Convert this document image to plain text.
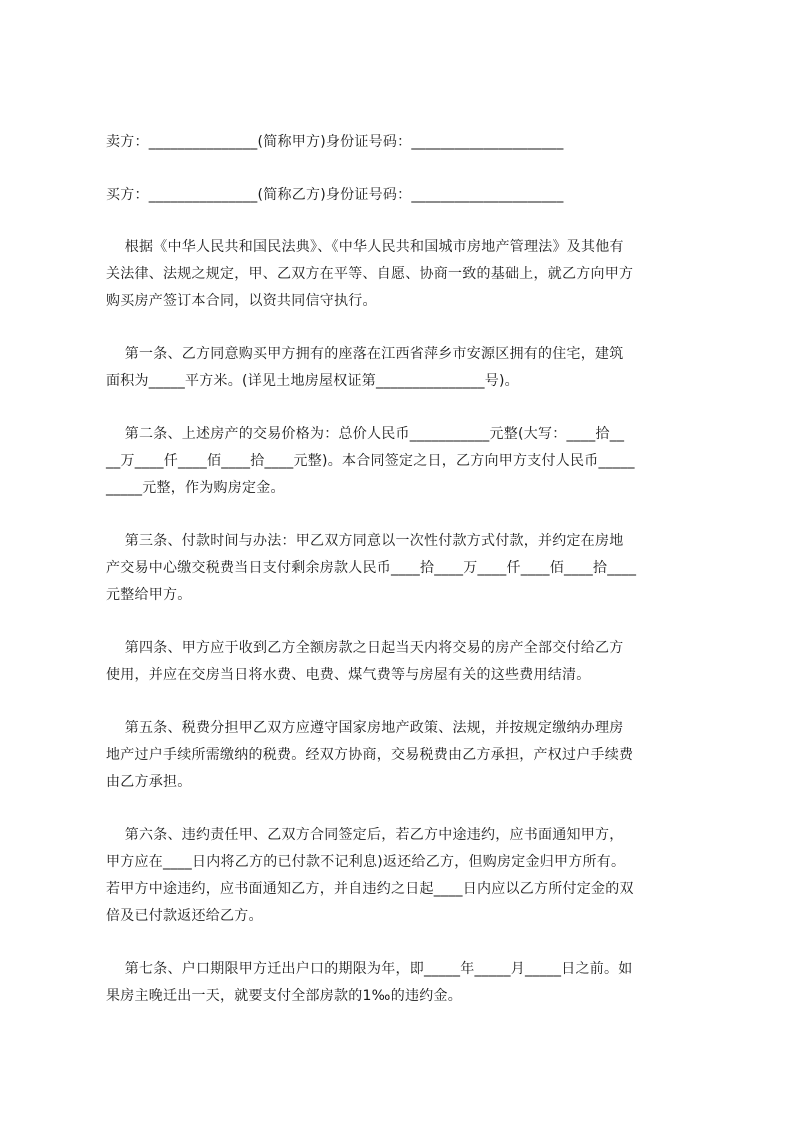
卖方：_______________(简称甲方)身份证号码：_____________________
买方：_______________(简称乙方)身份证号码：_____________________
根据《中华人民共和国民法典》、《中华人民共和国城市房地产管理法》及其他有
关法律、法规之规定，甲、乙双方在平等、自愿、协商一致的基础上，就乙方向甲方
购买房产签订本合同，以资共同信守执行。
第一条、乙方同意购买甲方拥有的座落在江西省萍乡市安源区拥有的住宅，建筑
面积为_____平方米。(详见土地房屋权证第_______________号)。
第二条、上述房产的交易价格为：总价人民币___________元整(大写：____拾__
__万____仟____佰____拾____元整)。本合同签定之日，乙方向甲方支付人民币_____
_____元整，作为购房定金。
第三条、付款时间与办法：甲乙双方同意以一次性付款方式付款，并约定在房地
产交易中心缴交税费当日支付剩余房款人民币____拾____万____仟____佰____拾____
元整给甲方。
第四条、甲方应于收到乙方全额房款之日起当天内将交易的房产全部交付给乙方
使用，并应在交房当日将水费、电费、煤气费等与房屋有关的这些费用结清。
第五条、税费分担甲乙双方应遵守国家房地产政策、法规，并按规定缴纳办理房
地产过户手续所需缴纳的税费。经双方协商，交易税费由乙方承担，产权过户手续费
由乙方承担。
第六条、违约责任甲、乙双方合同签定后，若乙方中途违约，应书面通知甲方，
甲方应在____日内将乙方的已付款不记利息)返还给乙方，但购房定金归甲方所有。
若甲方中途违约，应书面通知乙方，并自违约之日起____日内应以乙方所付定金的双
倍及已付款返还给乙方。
第七条、户口期限甲方迁出户口的期限为年，即_____年_____月_____日之前。如
果房主晚迁出一天，就要支付全部房款的1‰的违约金。
